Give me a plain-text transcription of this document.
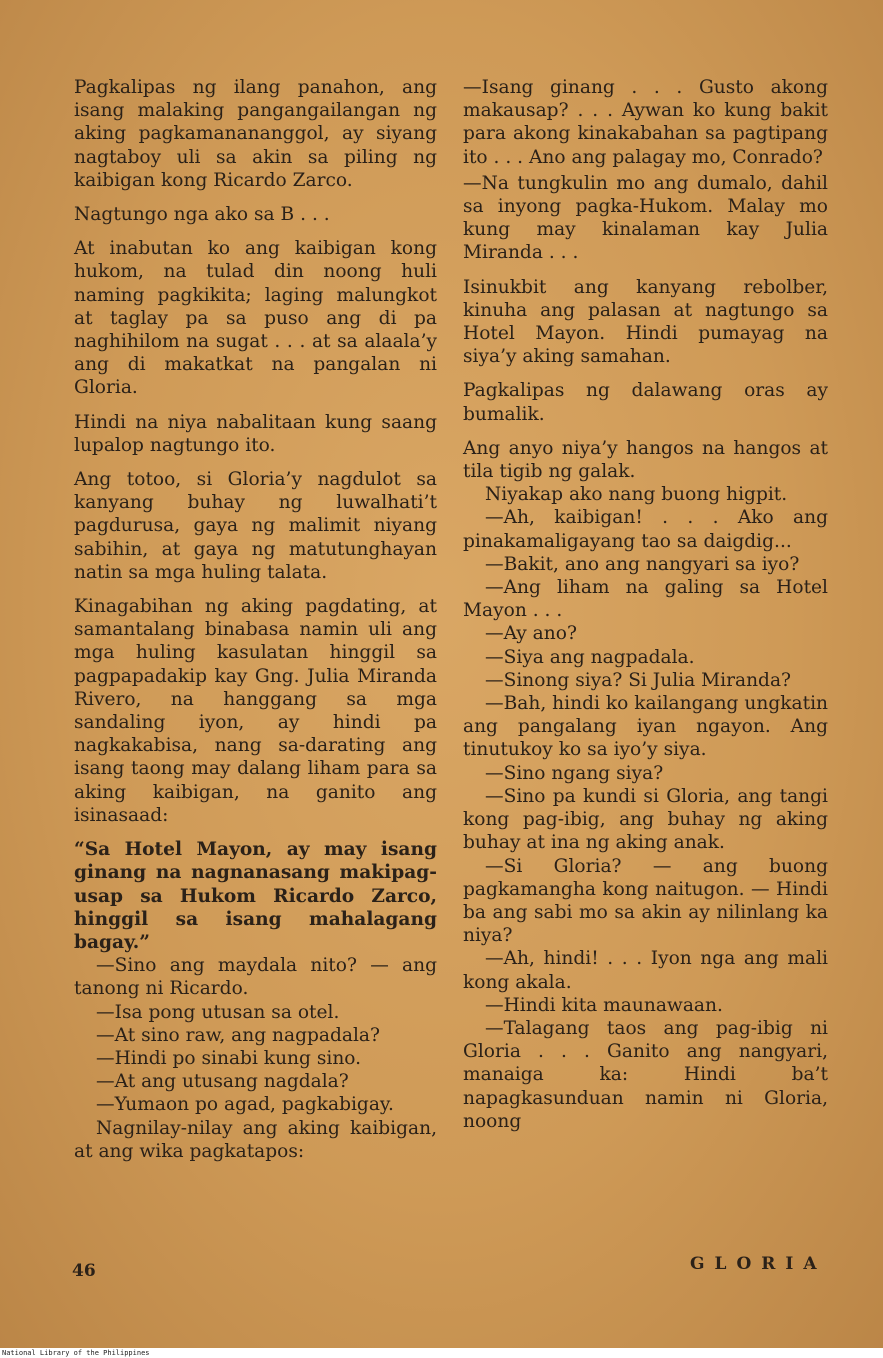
Pagkalipas ng ilang panahon, ang isang malaking pangangailangan ng aking pagkamanananggol, ay siyang nagtaboy uli sa akin sa piling ng kaibigan kong Ricardo Zarco.

Nagtungo nga ako sa B . . .

At inabutan ko ang kaibigan kong hukom, na tulad din noong huli naming pagkikita; laging malungkot at taglay pa sa puso ang di pa naghihilom na sugat . . . at sa alaala’y ang di makatkat na pangalan ni Gloria.

Hindi na niya nabalitaan kung saang lupalop nagtungo ito.

Ang totoo, si Gloria’y nagdulot sa kanyang buhay ng luwalhati’t pagdurusa, gaya ng malimit niyang sabihin, at gaya ng matutunghayan natin sa mga huling talata.

Kinagabihan ng aking pagdating, at samantalang binabasa namin uli ang mga huling kasulatan hinggil sa pagpapadakip kay Gng. Julia Miranda Rivero, na hanggang sa mga sandaling iyon, ay hindi pa nagkakabisa, nang sa-darating ang isang taong may dalang liham para sa aking kaibigan, na ganito ang isinasaad:

“Sa Hotel Mayon, ay may isang ginang na nagnanasang makipag-usap sa Hukom Ricardo Zarco, hinggil sa isang mahalagang bagay.”

—Sino ang maydala nito? — ang tanong ni Ricardo.

—Isa pong utusan sa otel.

—At sino raw, ang nagpadala?

—Hindi po sinabi kung sino.

—At ang utusang nagdala?

—Yumaon po agad, pagkabigay.

Nagnilay-nilay ang aking kaibigan, at ang wika pagkatapos:

—Isang ginang . . . Gusto akong makausap? . . . Aywan ko kung bakit para akong kinakabahan sa pagtipang ito . . . Ano ang palagay mo, Conrado?

—Na tungkulin mo ang dumalo, dahil sa inyong pagka-Hukom. Malay mo kung may kinalaman kay Julia Miranda . . .

Isinukbit ang kanyang rebolber, kinuha ang palasan at nagtungo sa Hotel Mayon. Hindi pumayag na siya’y aking samahan.

Pagkalipas ng dalawang oras ay bumalik.

Ang anyo niya’y hangos na hangos at tila tigib ng galak.

Niyakap ako nang buong higpit.

—Ah, kaibigan! . . . Ako ang pinakamaligayang tao sa daigdig...

—Bakit, ano ang nangyari sa iyo?

—Ang liham na galing sa Hotel Mayon . . .

—Ay ano?

—Siya ang nagpadala.

—Sinong siya? Si Julia Miranda?

—Bah, hindi ko kailangang ungkatin ang pangalang iyan ngayon. Ang tinutukoy ko sa iyo’y siya.

—Sino ngang siya?

—Sino pa kundi si Gloria, ang tangi kong pag-ibig, ang buhay ng aking buhay at ina ng aking anak.

—Si Gloria? — ang buong pagkamangha kong naitugon. — Hindi ba ang sabi mo sa akin ay nilinlang ka niya?

—Ah, hindi! . . . Iyon nga ang mali kong akala.

—Hindi kita maunawaan.

—Talagang taos ang pag-ibig ni Gloria . . . Ganito ang nangyari, manaiga ka: Hindi ba’t napagkasunduan namin ni Gloria, noong

46	GLORIA
National Library of the Philippines
